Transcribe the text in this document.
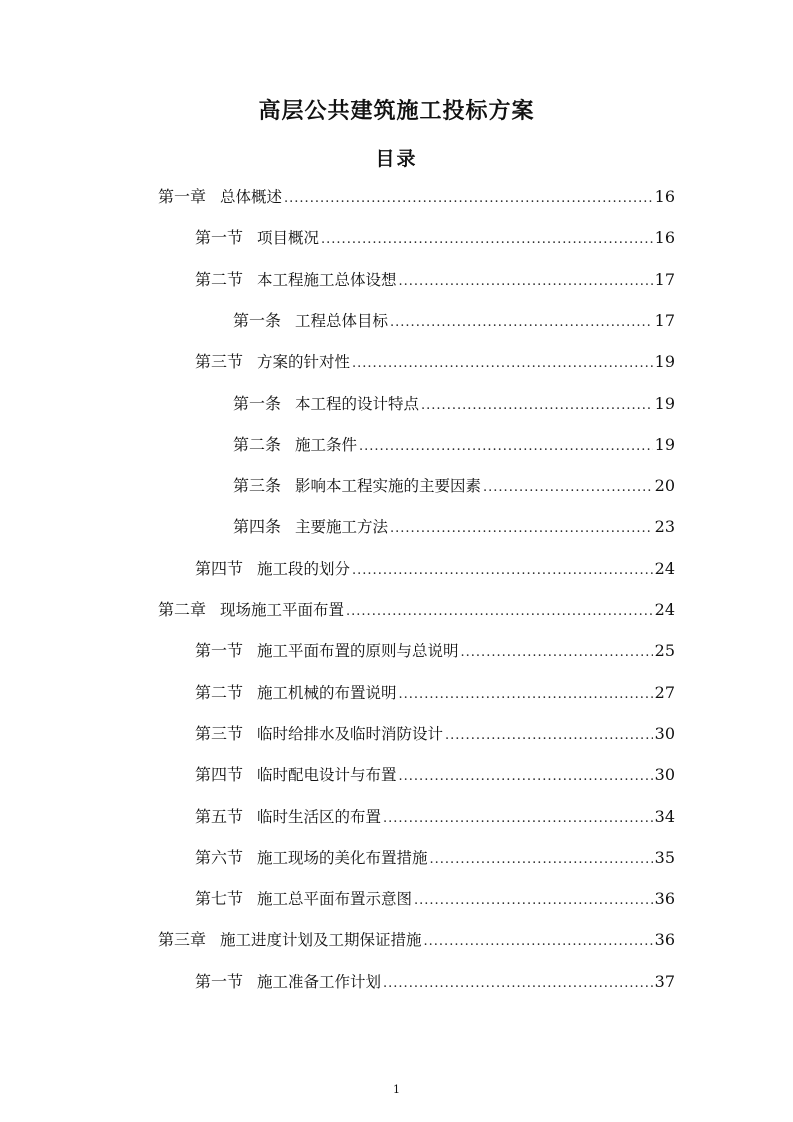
高层公共建筑施工投标方案
目录
第一章 总体概述 .....	16
第一节 项目概况 .....	16
第二节 本工程施工总体设想 .....	17
第一条 工程总体目标 .....	17
第三节 方案的针对性 .....	19
第一条 本工程的设计特点 .....	19
第二条 施工条件 .....	19
第三条 影响本工程实施的主要因素 .....	20
第四条 主要施工方法 .....	23
第四节 施工段的划分 .....	24
第二章 现场施工平面布置 .....	24
第一节 施工平面布置的原则与总说明 .....	25
第二节 施工机械的布置说明 .....	27
第三节 临时给排水及临时消防设计 .....	30
第四节 临时配电设计与布置 .....	30
第五节 临时生活区的布置 .....	34
第六节 施工现场的美化布置措施 .....	35
第七节 施工总平面布置示意图 .....	36
第三章 施工进度计划及工期保证措施 .....	36
第一节 施工准备工作计划 .....	37
1
